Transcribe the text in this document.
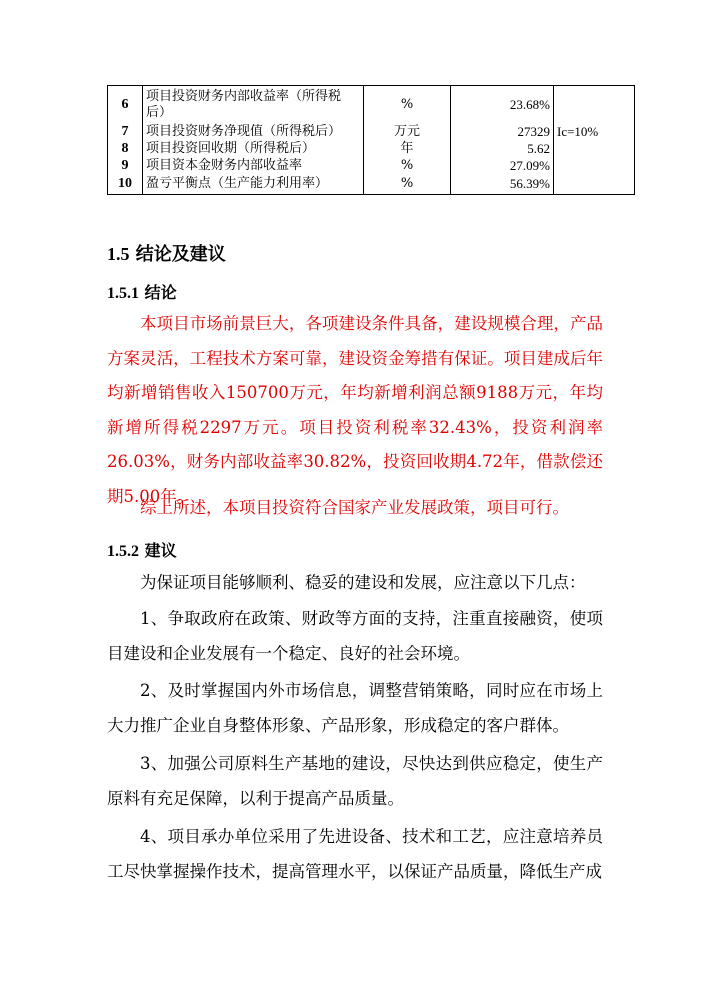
6	项目投资财务内部收益率（所得税后）	%	23.68%	
7	项目投资财务净现值（所得税后）	万元	27329	Ic=10%
8	项目投资回收期（所得税后）	年	5.62	
9	项目资本金财务内部收益率	%	27.09%	
10	盈亏平衡点（生产能力利用率）	%	56.39%	
1.5 结论及建议
1.5.1 结论

本项目市场前景巨大，各项建设条件具备，建设规模合理，产品方案灵活，工程技术方案可靠，建设资金筹措有保证。项目建成后年均新增销售收入150700万元，年均新增利润总额9188万元，年均新增所得税2297万元。项目投资利税率32.43%，投资利润率26.03%，财务内部收益率30.82%，投资回收期4.72年，借款偿还期5.00年。

综上所述，本项目投资符合国家产业发展政策，项目可行。

1.5.2 建议

为保证项目能够顺利、稳妥的建设和发展，应注意以下几点：

1、争取政府在政策、财政等方面的支持，注重直接融资，使项目建设和企业发展有一个稳定、良好的社会环境。

2、及时掌握国内外市场信息，调整营销策略，同时应在市场上大力推广企业自身整体形象、产品形象，形成稳定的客户群体。

3、加强公司原料生产基地的建设，尽快达到供应稳定，使生产原料有充足保障，以利于提高产品质量。

4、项目承办单位采用了先进设备、技术和工艺，应注意培养员工尽快掌握操作技术，提高管理水平，以保证产品质量，降低生产成
